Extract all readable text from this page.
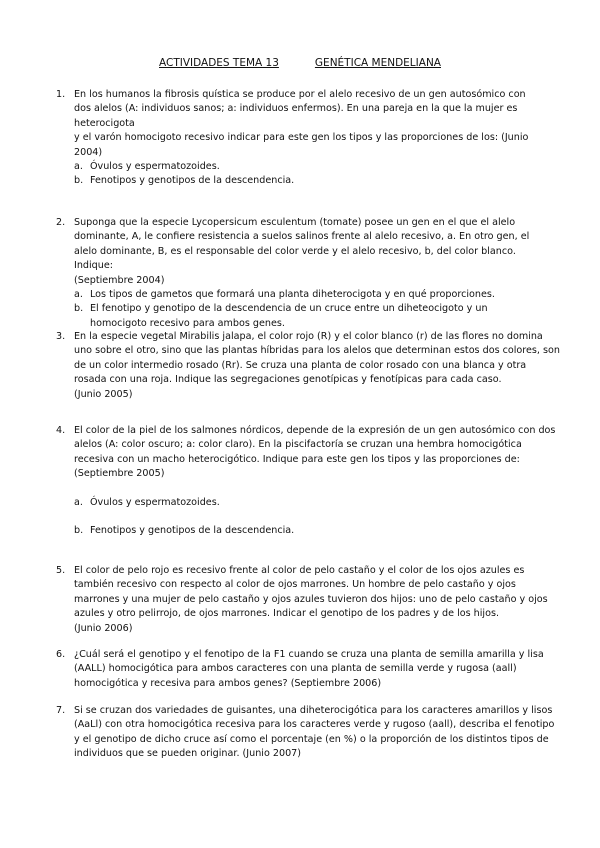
ACTIVIDADES TEMA 13	GENÉTICA MENDELIANA
1. En los humanos la fibrosis quística se produce por el alelo recesivo de un gen autosómico con
dos alelos (A: individuos sanos; a: individuos enfermos). En una pareja en la que la mujer es
heterocigota
y el varón homocigoto recesivo indicar para este gen los tipos y las proporciones de los: (Junio
2004)
a. Óvulos y espermatozoides.
b. Fenotipos y genotipos de la descendencia.
2. Suponga que la especie Lycopersicum esculentum (tomate) posee un gen en el que el alelo
dominante, A, le confiere resistencia a suelos salinos frente al alelo recesivo, a. En otro gen, el
alelo dominante, B, es el responsable del color verde y el alelo recesivo, b, del color blanco.
Indique:
(Septiembre 2004)
a. Los tipos de gametos que formará una planta diheterocigota y en qué proporciones.
b. El fenotipo y genotipo de la descendencia de un cruce entre un diheteocigoto y un
homocigoto recesivo para ambos genes.
3. En la especie vegetal Mirabilis jalapa, el color rojo (R) y el color blanco (r) de las flores no domina
uno sobre el otro, sino que las plantas híbridas para los alelos que determinan estos dos colores, son
de un color intermedio rosado (Rr). Se cruza una planta de color rosado con una blanca y otra
rosada con una roja. Indique las segregaciones genotípicas y fenotípicas para cada caso.
(Junio 2005)
4. El color de la piel de los salmones nórdicos, depende de la expresión de un gen autosómico con dos
alelos (A: color oscuro; a: color claro). En la piscifactoría se cruzan una hembra homocigótica
recesiva con un macho heterocigótico. Indique para este gen los tipos y las proporciones de:
(Septiembre 2005)
a. Óvulos y espermatozoides.
b. Fenotipos y genotipos de la descendencia.
5. El color de pelo rojo es recesivo frente al color de pelo castaño y el color de los ojos azules es
también recesivo con respecto al color de ojos marrones. Un hombre de pelo castaño y ojos
marrones y una mujer de pelo castaño y ojos azules tuvieron dos hijos: uno de pelo castaño y ojos
azules y otro pelirrojo, de ojos marrones. Indicar el genotipo de los padres y de los hijos.
(Junio 2006)
6. ¿Cuál será el genotipo y el fenotipo de la F1 cuando se cruza una planta de semilla amarilla y lisa
(AALL) homocigótica para ambos caracteres con una planta de semilla verde y rugosa (aall)
homocigótica y recesiva para ambos genes? (Septiembre 2006)
7. Si se cruzan dos variedades de guisantes, una diheterocigótica para los caracteres amarillos y lisos
(AaLl) con otra homocigótica recesiva para los caracteres verde y rugoso (aall), describa el fenotipo
y el genotipo de dicho cruce así como el porcentaje (en %) o la proporción de los distintos tipos de
individuos que se pueden originar. (Junio 2007)
